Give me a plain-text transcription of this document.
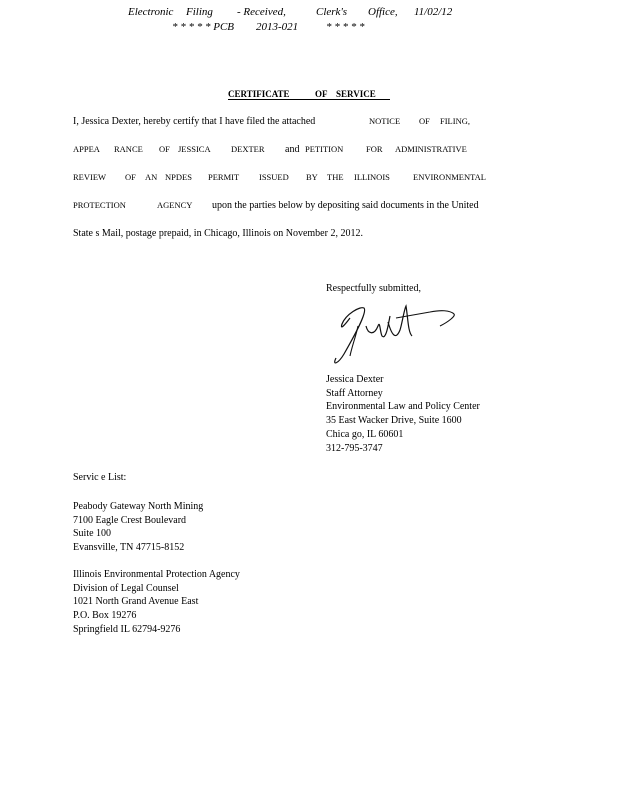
Electronic Filing - Received,	Clerk's Office, 11/02/12
* * * * * PCB 2013-021	* * * * *
CERTIFICATE	OF SERVICE
I, Jessica Dexter, hereby certify that I have filed the attached	NOTICE OF FILING,
APPEA RANCE OF JESSICA DEXTER and PETITION	FOR ADMINISTRATIVE
REVIEW OF AN NPDES PERMIT ISSUED BY THE ILLINOIS	ENVIRONMENTAL
PROTECTION	AGENCY upon the parties below by depositing said documents in the United
State s Mail, postage prepaid, in Chicago, Illinois on November 2, 2012.
Respectfully submitted,
Jessica Dexter
Staff Attorney
Environmental Law and Policy Center
35 East Wacker Drive, Suite 1600
Chica go, IL 60601
312-795-3747
Servic e List:
Peabody Gateway North Mining
7100 Eagle Crest Boulevard
Suite 100
Evansville, TN 47715-8152
Illinois Environmental Protection Agency
Division of Legal Counsel
1021 North Grand Avenue East
P.O. Box 19276
Springfield IL 62794-9276
